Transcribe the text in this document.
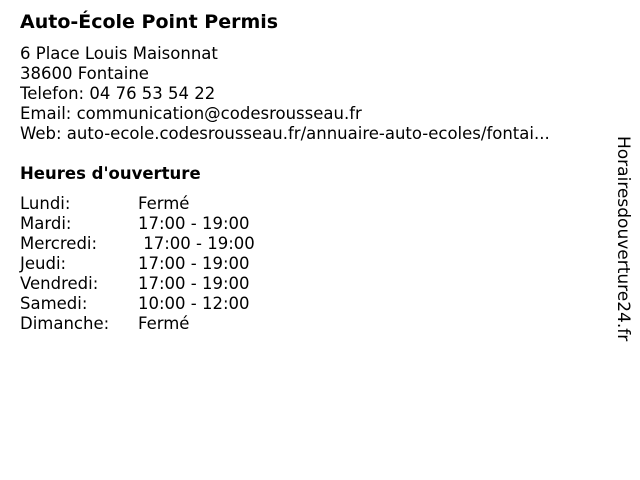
Auto-École Point Permis
6 Place Louis Maisonnat
38600 Fontaine
Telefon: 04 76 53 54 22
Email: communication@codesrousseau.fr
Web: auto-ecole.codesrousseau.fr/annuaire-auto-ecoles/fontai...
Heures d'ouverture
Lundi:	Fermé
Mardi:	17:00 - 19:00
Mercredi:	17:00 - 19:00
Jeudi:	17:00 - 19:00
Vendredi:	17:00 - 19:00
Samedi:	10:00 - 12:00
Dimanche:	Fermé	Horairesdouverture24.fr
